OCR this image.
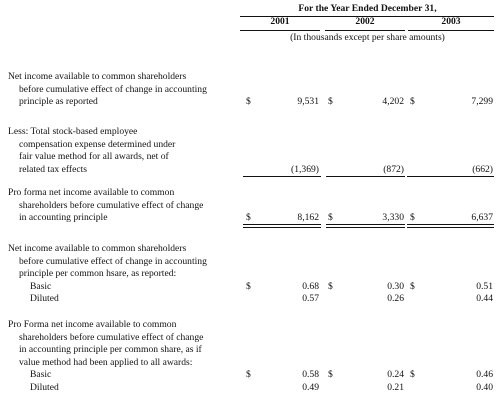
For the Year Ended December 31,
2001	2002	2003
(In thousands except per share amounts)
Net income available to common shareholders
before cumulative effect of change in accounting
principle as reported	$	9,531 $	4,202 $	7,299
Less: Total stock-based employee
compensation expense determined under
fair value method for all awards, net of
related tax effects	(1,369)	(872)	(662)
Pro forma net income available to common
shareholders before cumulative effect of change
in accounting principle	$	8,162 $	3,330 $	6,637
Net income available to common shareholders
before cumulative effect of change in accounting
principle per common hsare, as reported:
Basic	$	0.68 $	0.30 $	0.51
Diluted	0.57	0.26	0.44
Pro Forma net income available to common
shareholders before cumulative effect of change
in accounting principle per common share, as if
value method had been applied to all awards:
Basic	$	0.58 $	0.24 $	0.46
Diluted	0.49	0.21	0.40
